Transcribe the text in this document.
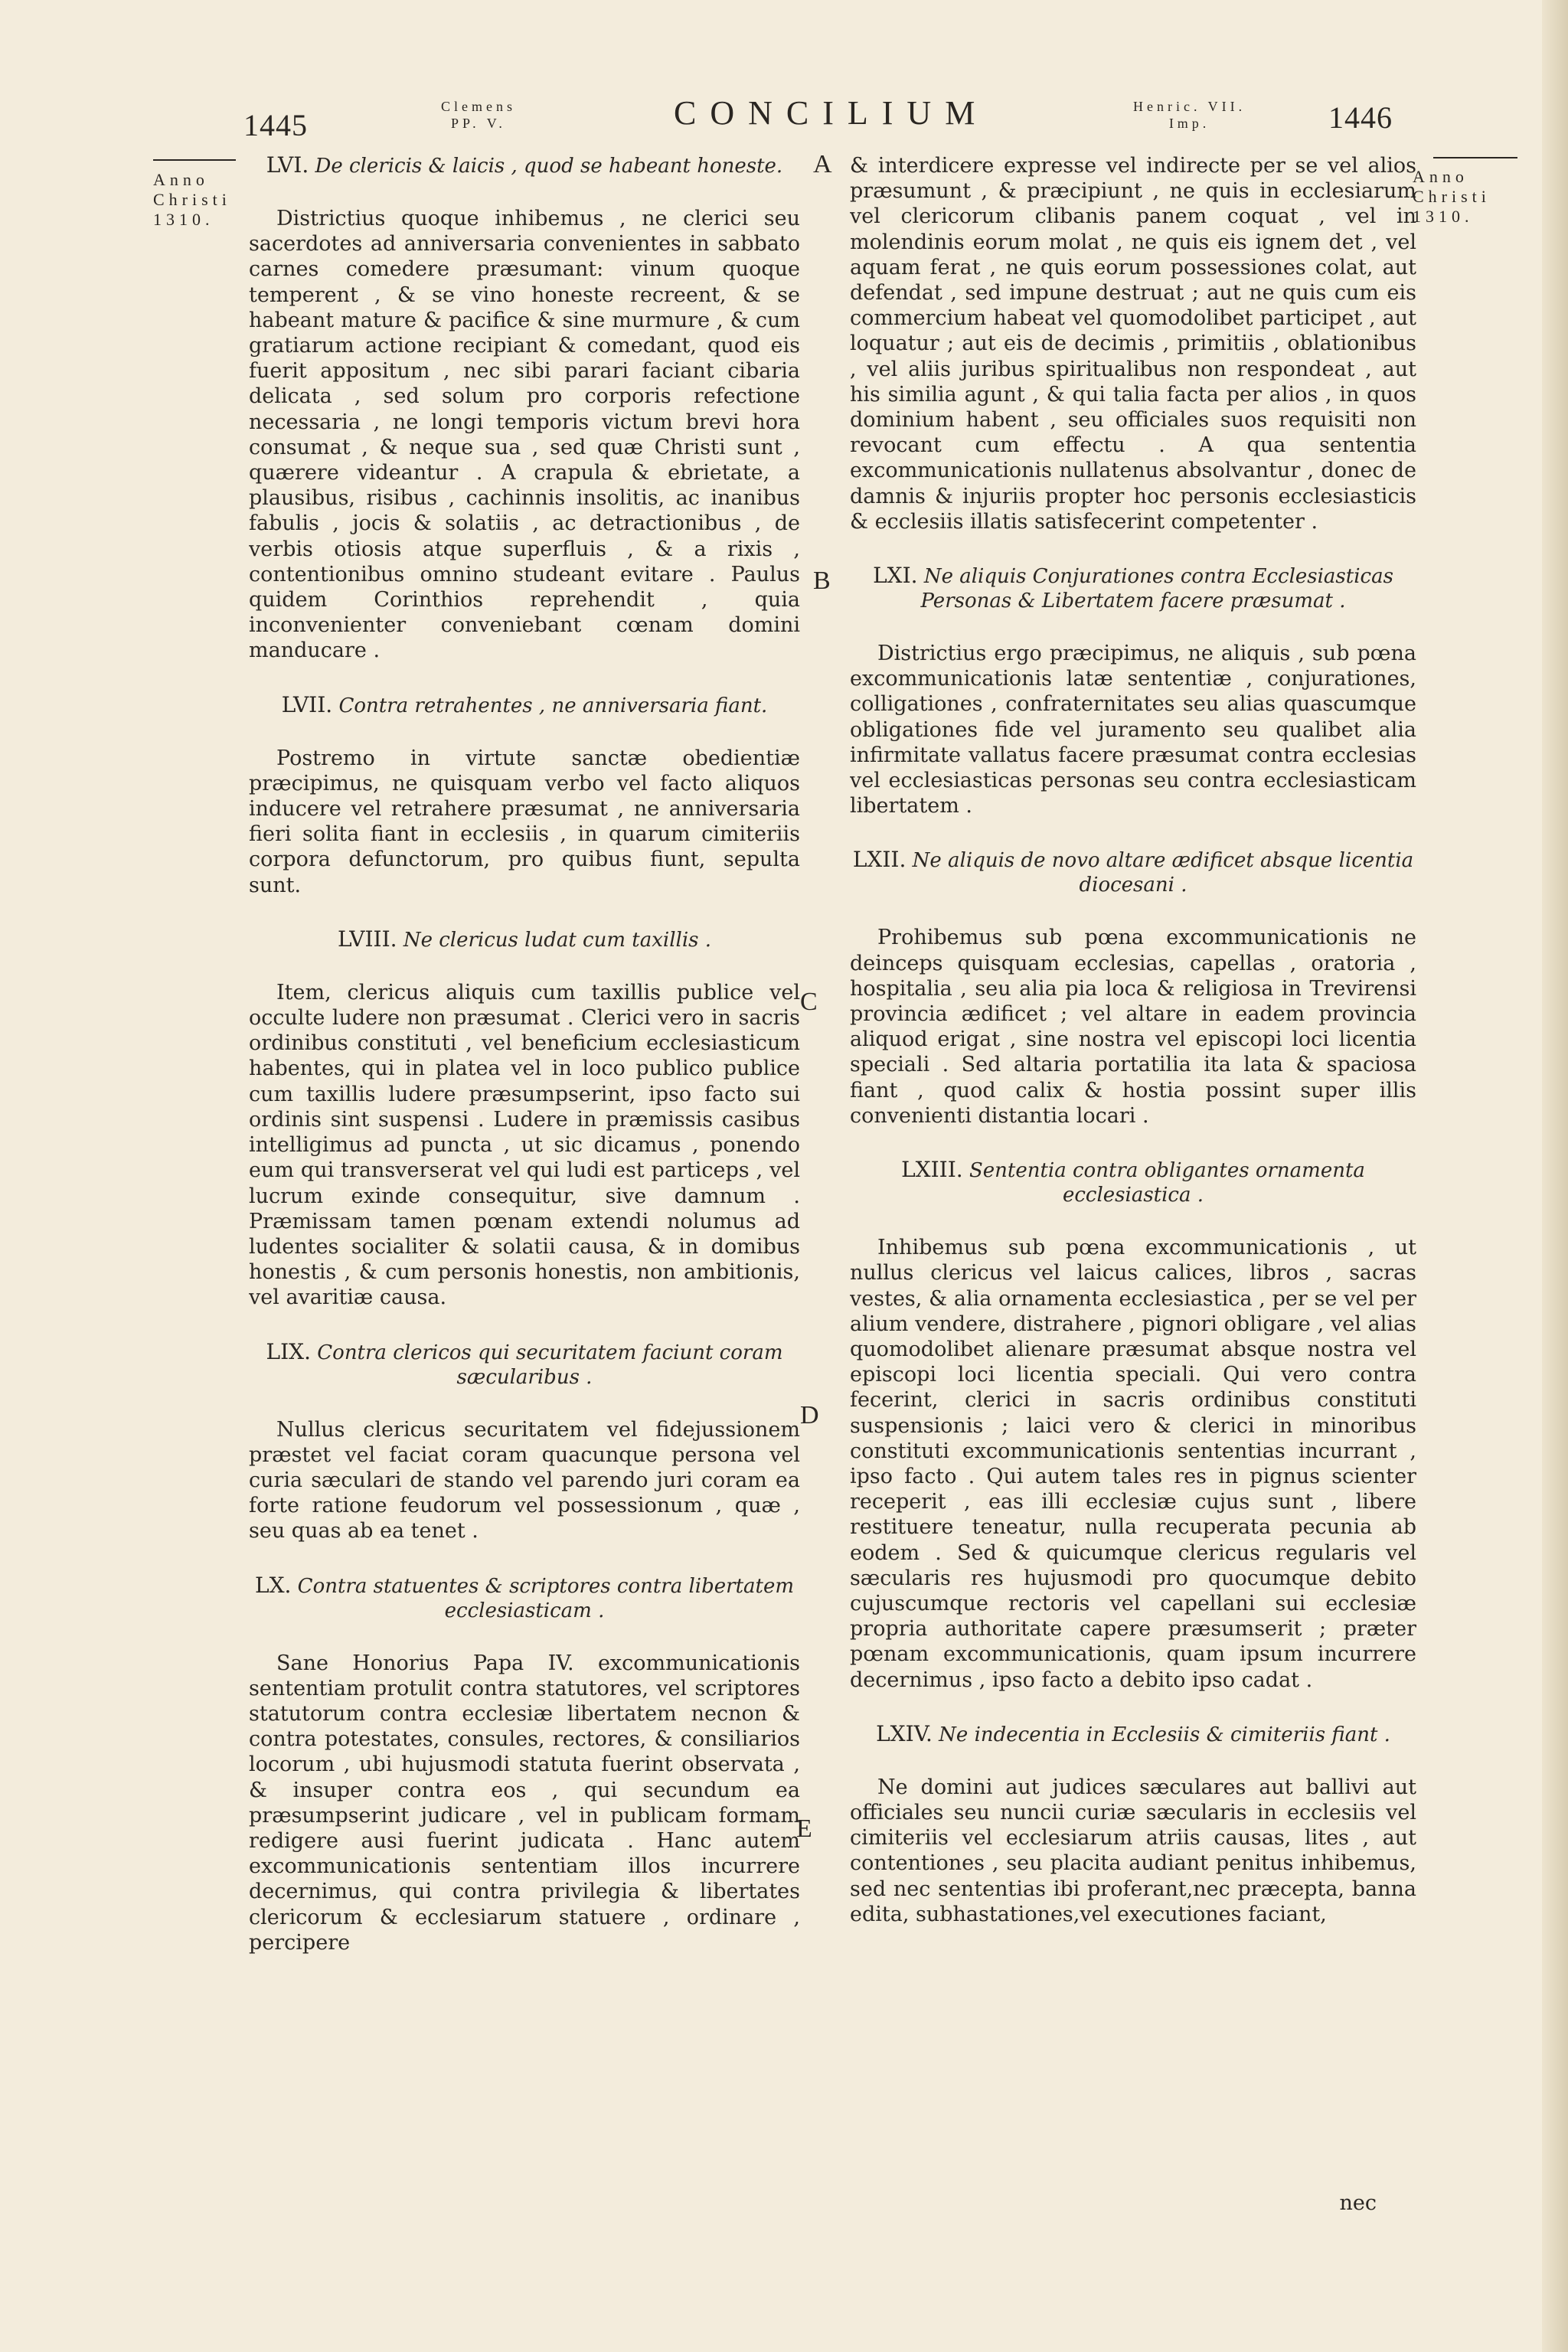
1445
Clemens
PP. V.	CONCILIUM	Henric. VII.
Imp.	1446
Anno
Christi
1310.
Anno
Christi
1310.
A
B
C
D
E
LVI. De clericis & laicis , quod se habeant honeste.

Districtius quoque inhibemus , ne clerici seu sacerdotes ad anniversaria convenientes in sabbato carnes comedere præsumant: vinum quoque temperent , & se vino honeste recreent, & se habeant mature & pacifice & sine murmure , & cum gratiarum actione recipiant & comedant, quod eis fuerit appositum , nec sibi parari faciant cibaria delicata , sed solum pro corporis refectione necessaria , ne longi temporis victum brevi hora consumat , & neque sua , sed quæ Christi sunt , quærere videantur . A crapula & ebrietate, a plausibus, risibus , cachinnis insolitis, ac inanibus fabulis , jocis & solatiis , ac detractionibus , de verbis otiosis atque superfluis , & a rixis , contentionibus omnino studeant evitare . Paulus quidem Corinthios reprehendit , quia inconvenienter conveniebant cœnam domini manducare .

LVII. Contra retrahentes , ne anniversaria fiant.

Postremo in virtute sanctæ obedientiæ præcipimus, ne quisquam verbo vel facto aliquos inducere vel retrahere præsumat , ne anniversaria fieri solita fiant in ecclesiis , in quarum cimiteriis corpora defunctorum, pro quibus fiunt, sepulta sunt.

LVIII. Ne clericus ludat cum taxillis .

Item, clericus aliquis cum taxillis publice vel occulte ludere non præsumat . Clerici vero in sacris ordinibus constituti , vel beneficium ecclesiasticum habentes, qui in platea vel in loco publico publice cum taxillis ludere præsumpserint, ipso facto sui ordinis sint suspensi . Ludere in præmissis casibus intelligimus ad puncta , ut sic dicamus , ponendo eum qui transverserat vel qui ludi est particeps , vel lucrum exinde consequitur, sive damnum . Præmissam tamen pœnam extendi nolumus ad ludentes socialiter & solatii causa, & in domibus honestis , & cum personis honestis, non ambitionis, vel avaritiæ causa.

LIX. Contra clericos qui securitatem faciunt coram sæcularibus .

Nullus clericus securitatem vel fidejussionem præstet vel faciat coram quacunque persona vel curia sæculari de stando vel parendo juri coram ea forte ratione feudorum vel possessionum , quæ , seu quas ab ea tenet .

LX. Contra statuentes & scriptores contra libertatem ecclesiasticam .

Sane Honorius Papa IV. excommunicationis sententiam protulit contra statutores, vel scriptores statutorum contra ecclesiæ libertatem necnon & contra potestates, consules, rectores, & consiliarios locorum , ubi hujusmodi statuta fuerint observata , & insuper contra eos , qui secundum ea præsumpserint judicare , vel in publicam formam redigere ausi fuerint judicata . Hanc autem excommunicationis sententiam illos incurrere decernimus, qui contra privilegia & libertates clericorum & ecclesiarum statuere , ordinare , percipere

& interdicere expresse vel indirecte per se vel alios præsumunt , & præcipiunt , ne quis in ecclesiarum vel clericorum clibanis panem coquat , vel in molendinis eorum molat , ne quis eis ignem det , vel aquam ferat , ne quis eorum possessiones colat, aut defendat , sed impune destruat ; aut ne quis cum eis commercium habeat vel quomodolibet participet , aut loquatur ; aut eis de decimis , primitiis , oblationibus , vel aliis juribus spiritualibus non respondeat , aut his similia agunt , & qui talia facta per alios , in quos dominium habent , seu officiales suos requisiti non revocant cum effectu . A qua sententia excommunicationis nullatenus absolvantur , donec de damnis & injuriis propter hoc personis ecclesiasticis & ecclesiis illatis satisfecerint competenter .

LXI. Ne aliquis Conjurationes contra Ecclesiasticas Personas & Libertatem facere præsumat .

Districtius ergo præcipimus, ne aliquis , sub pœna excommunicationis latæ sententiæ , conjurationes, colligationes , confraternitates seu alias quascumque obligationes fide vel juramento seu qualibet alia infirmitate vallatus facere præsumat contra ecclesias vel ecclesiasticas personas seu contra ecclesiasticam libertatem .

LXII. Ne aliquis de novo altare ædificet absque licentia diocesani .

Prohibemus sub pœna excommunicationis ne deinceps quisquam ecclesias, capellas , oratoria , hospitalia , seu alia pia loca & religiosa in Trevirensi provincia ædificet ; vel altare in eadem provincia aliquod erigat , sine nostra vel episcopi loci licentia speciali . Sed altaria portatilia ita lata & spaciosa fiant , quod calix & hostia possint super illis convenienti distantia locari .

LXIII. Sententia contra obligantes ornamenta ecclesiastica .

Inhibemus sub pœna excommunicationis , ut nullus clericus vel laicus calices, libros , sacras vestes, & alia ornamenta ecclesiastica , per se vel per alium vendere, distrahere , pignori obligare , vel alias quomodolibet alienare præsumat absque nostra vel episcopi loci licentia speciali. Qui vero contra fecerint, clerici in sacris ordinibus constituti suspensionis ; laici vero & clerici in minoribus constituti excommunicationis sententias incurrant , ipso facto . Qui autem tales res in pignus scienter receperit , eas illi ecclesiæ cujus sunt , libere restituere teneatur, nulla recuperata pecunia ab eodem . Sed & quicumque clericus regularis vel sæcularis res hujusmodi pro quocumque debito cujuscumque rectoris vel capellani sui ecclesiæ propria authoritate capere præsumserit ; præter pœnam excommunicationis, quam ipsum incurrere decernimus , ipso facto a debito ipso cadat .

LXIV. Ne indecentia in Ecclesiis & cimiteriis fiant .

Ne domini aut judices sæculares aut ballivi aut officiales seu nuncii curiæ sæcularis in ecclesiis vel cimiteriis vel ecclesiarum atriis causas, lites , aut contentiones , seu placita audiant penitus inhibemus, sed nec sententias ibi proferant,nec præcepta, banna edita, subhastationes,vel executiones faciant,

nec
